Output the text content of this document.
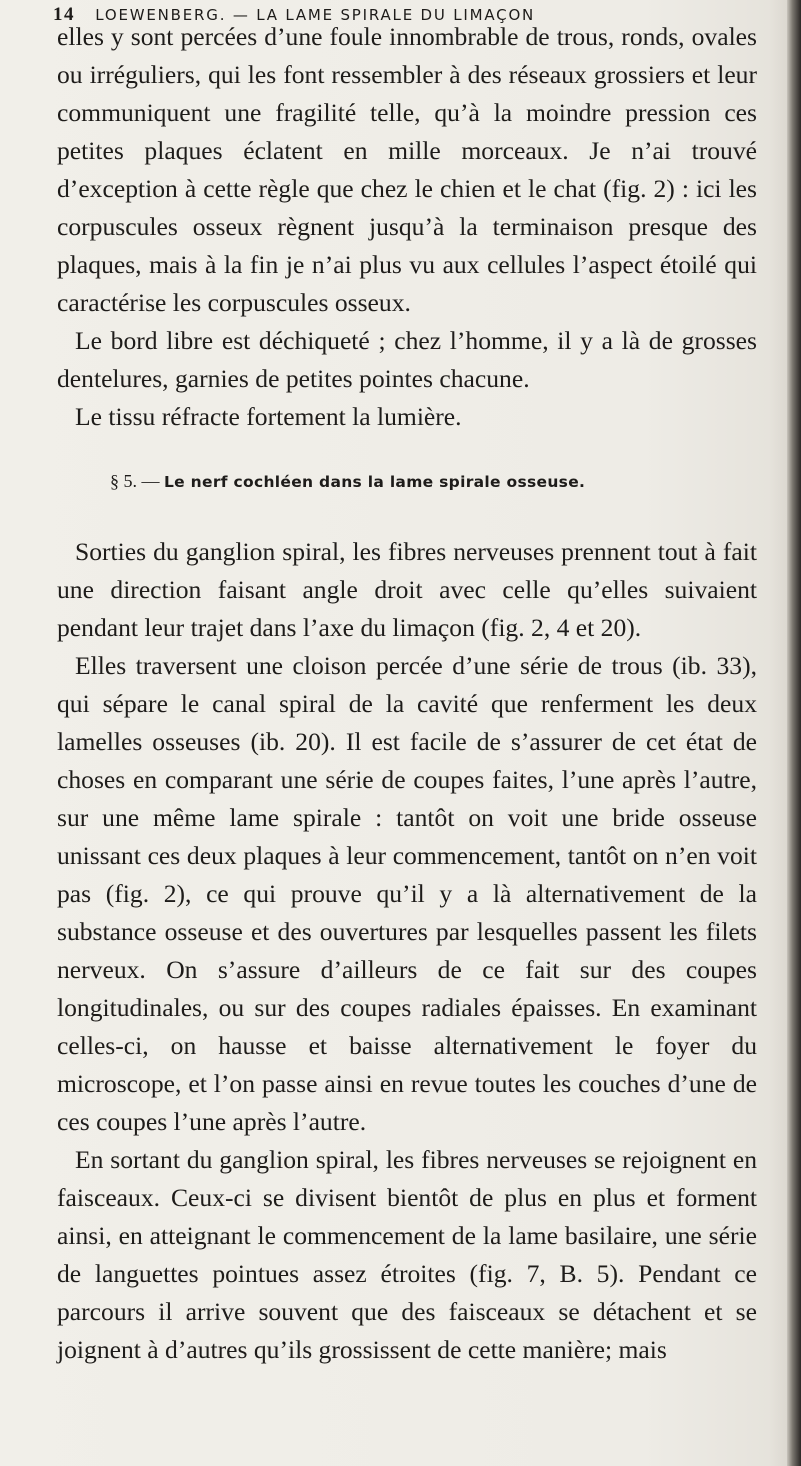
14 LOEWENBERG. — LA LAME SPIRALE DU LIMAÇON

elles y sont percées d’une foule innombrable de trous, ronds, ovales ou irréguliers, qui les font ressembler à des réseaux grossiers et leur communiquent une fragilité telle, qu’à la moindre pression ces petites plaques éclatent en mille morceaux. Je n’ai trouvé d’exception à cette règle que chez le chien et le chat (fig. 2) : ici les corpuscules osseux règnent jusqu’à la terminaison presque des plaques, mais à la fin je n’ai plus vu aux cellules l’aspect étoilé qui caractérise les corpuscules osseux.

Le bord libre est déchiqueté ; chez l’homme, il y a là de grosses dentelures, garnies de petites pointes chacune.

Le tissu réfracte fortement la lumière.

§ 5. — Le nerf cochléen dans la lame spirale osseuse.

Sorties du ganglion spiral, les fibres nerveuses prennent tout à fait une direction faisant angle droit avec celle qu’elles suivaient pendant leur trajet dans l’axe du limaçon (fig. 2, 4 et 20).

Elles traversent une cloison percée d’une série de trous (ib. 33), qui sépare le canal spiral de la cavité que renferment les deux lamelles osseuses (ib. 20). Il est facile de s’assurer de cet état de choses en comparant une série de coupes faites, l’une après l’autre, sur une même lame spirale : tantôt on voit une bride osseuse unissant ces deux plaques à leur commencement, tantôt on n’en voit pas (fig. 2), ce qui prouve qu’il y a là alternativement de la substance osseuse et des ouvertures par lesquelles passent les filets nerveux. On s’assure d’ailleurs de ce fait sur des coupes longitudinales, ou sur des coupes radiales épaisses. En examinant celles-ci, on hausse et baisse alternativement le foyer du microscope, et l’on passe ainsi en revue toutes les couches d’une de ces coupes l’une après l’autre.

En sortant du ganglion spiral, les fibres nerveuses se rejoignent en faisceaux. Ceux-ci se divisent bientôt de plus en plus et forment ainsi, en atteignant le commencement de la lame basilaire, une série de languettes pointues assez étroites (fig. 7, B. 5). Pendant ce parcours il arrive souvent que des faisceaux se détachent et se joignent à d’autres qu’ils grossissent de cette manière; mais
